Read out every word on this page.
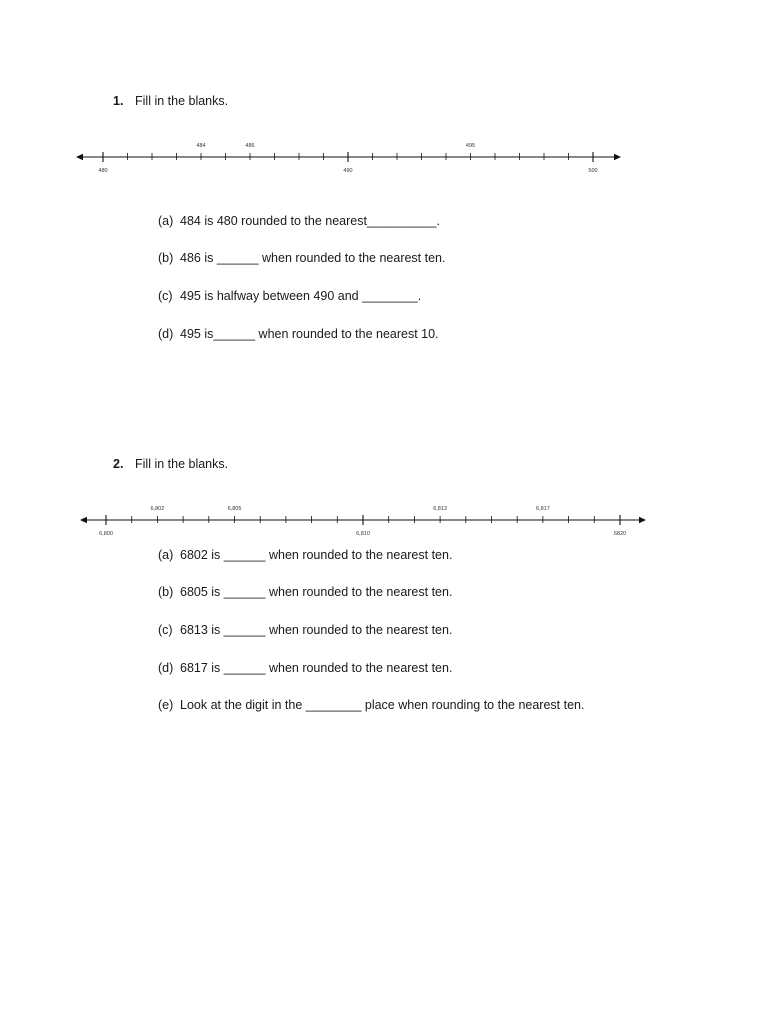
1. Fill in the blanks.
480	490	500
484	486	495
(a) 484 is 480 rounded to the nearest__________.
(b) 486 is ______ when rounded to the nearest ten.
(c) 495 is halfway between 490 and ________.
(d) 495 is______ when rounded to the nearest 10.
2. Fill in the blanks.
6,800	6,810	6820
6,802	6,805	6,813	6,817
(a) 6802 is ______ when rounded to the nearest ten.
(b) 6805 is ______ when rounded to the nearest ten.
(c) 6813 is ______ when rounded to the nearest ten.
(d) 6817 is ______ when rounded to the nearest ten.
(e) Look at the digit in the ________ place when rounding to the nearest ten.
